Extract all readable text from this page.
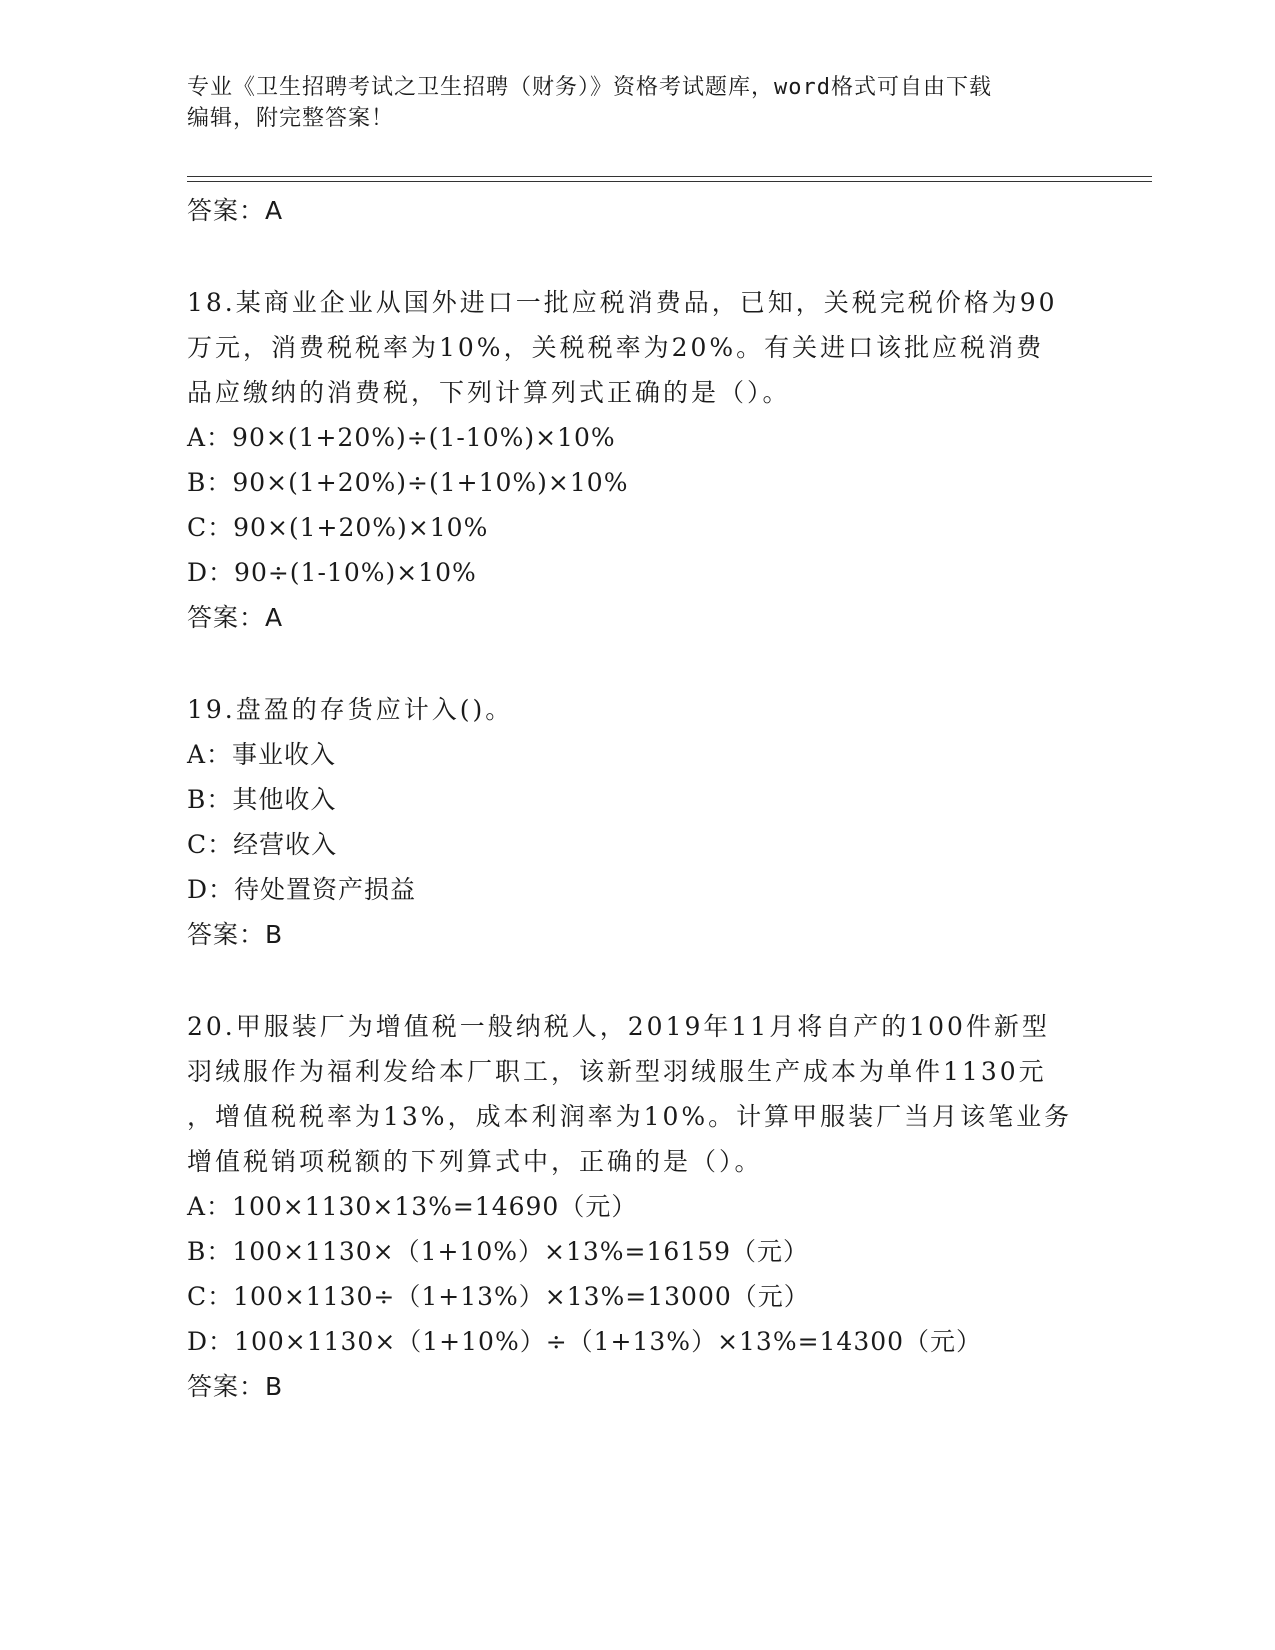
专业《卫生招聘考试之卫生招聘（财务）》资格考试题库，word格式可自由下载
编辑，附完整答案！
答案：A
18.某商业企业从国外进口一批应税消费品，已知，关税完税价格为90
万元，消费税税率为10%，关税税率为20%。有关进口该批应税消费
品应缴纳的消费税，下列计算列式正确的是（）。
A：90×(1+20%)÷(1-10%)×10%
B：90×(1+20%)÷(1+10%)×10%
C：90×(1+20%)×10%
D：90÷(1-10%)×10%
答案：A
19.盘盈的存货应计入()。
A：事业收入
B：其他收入
C：经营收入
D：待处置资产损益
答案：B
20.甲服装厂为增值税一般纳税人，2019年11月将自产的100件新型
羽绒服作为福利发给本厂职工，该新型羽绒服生产成本为单件1130元
，增值税税率为13%，成本利润率为10%。计算甲服装厂当月该笔业务
增值税销项税额的下列算式中，正确的是（）。
A：100×1130×13%=14690（元）
B：100×1130×（1+10%）×13%=16159（元）
C：100×1130÷（1+13%）×13%=13000（元）
D：100×1130×（1+10%）÷（1+13%）×13%=14300（元）
答案：B
